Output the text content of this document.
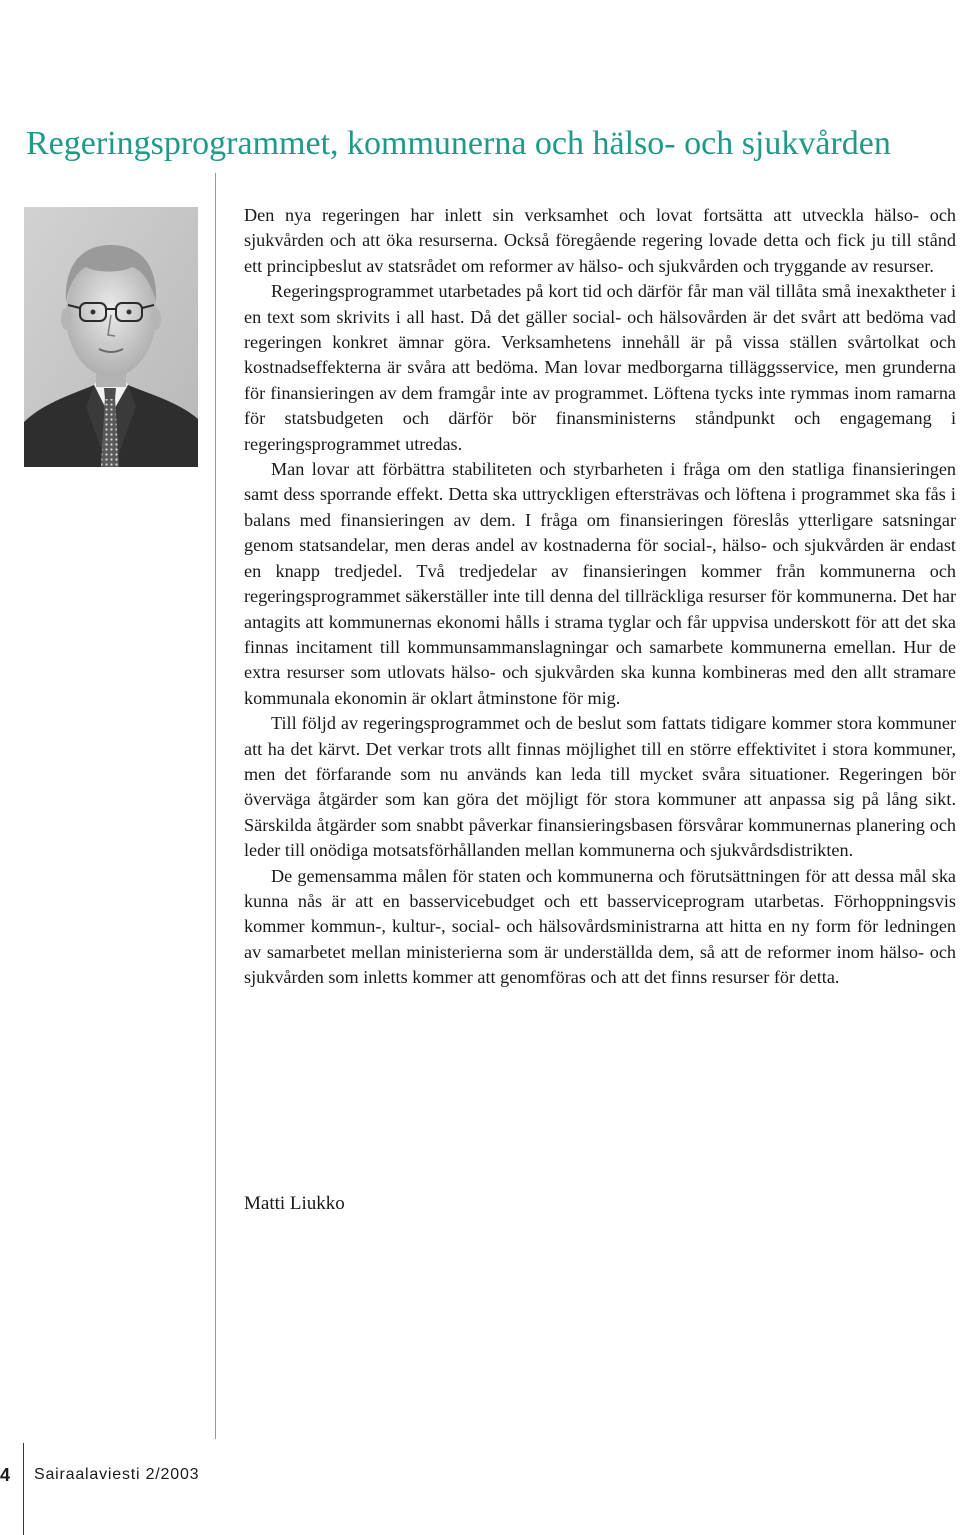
Regeringsprogrammet, kommunerna och hälso- och sjukvården

Den nya regeringen har inlett sin verksamhet och lovat fortsätta att utveckla hälso- och sjukvården och att öka resurserna. Också föregående regering lovade detta och fick ju till stånd ett principbeslut av statsrådet om reformer av hälso- och sjukvården och tryggande av resurser.

Regeringsprogrammet utarbetades på kort tid och därför får man väl tillåta små inexaktheter i en text som skrivits i all hast. Då det gäller social- och hälsovården är det svårt att bedöma vad regeringen konkret ämnar göra. Verksamhetens innehåll är på vissa ställen svårtolkat och kostnadseffekterna är svåra att bedöma. Man lovar medborgarna tilläggsservice, men grunderna för finansieringen av dem framgår inte av programmet. Löftena tycks inte rymmas inom ramarna för statsbudgeten och därför bör finansministerns ståndpunkt och engagemang i regeringsprogrammet utredas.

Man lovar att förbättra stabiliteten och styrbarheten i fråga om den statliga finansieringen samt dess sporrande effekt. Detta ska uttryckligen eftersträvas och löftena i programmet ska fås i balans med finansieringen av dem. I fråga om finansieringen föreslås ytterligare satsningar genom statsandelar, men deras andel av kostnaderna för social-, hälso- och sjukvården är endast en knapp tredjedel. Två tredjedelar av finansieringen kommer från kommunerna och regeringsprogrammet säkerställer inte till denna del tillräckliga resurser för kommunerna. Det har antagits att kommunernas ekonomi hålls i strama tyglar och får uppvisa underskott för att det ska finnas incitament till kommunsammanslagningar och samarbete kommunerna emellan. Hur de extra resurser som utlovats hälso- och sjukvården ska kunna kombineras med den allt stramare kommunala ekonomin är oklart åtminstone för mig.

Till följd av regeringsprogrammet och de beslut som fattats tidigare kommer stora kommuner att ha det kärvt. Det verkar trots allt finnas möjlighet till en större effektivitet i stora kommuner, men det förfarande som nu används kan leda till mycket svåra situationer. Regeringen bör överväga åtgärder som kan göra det möjligt för stora kommuner att anpassa sig på lång sikt. Särskilda åtgärder som snabbt påverkar finansieringsbasen försvårar kommunernas planering och leder till onödiga motsatsförhållanden mellan kommunerna och sjukvårdsdistrikten.

De gemensamma målen för staten och kommunerna och förutsättningen för att dessa mål ska kunna nås är att en basservicebudget och ett basserviceprogram utarbetas. Förhoppningsvis kommer kommun-, kultur-, social- och hälsovårdsministrarna att hitta en ny form för ledningen av samarbetet mellan ministerierna som är underställda dem, så att de reformer inom hälso- och sjukvården som inletts kommer att genomföras och att det finns resurser för detta.

Matti Liukko
4	Sairaalaviesti 2/2003
